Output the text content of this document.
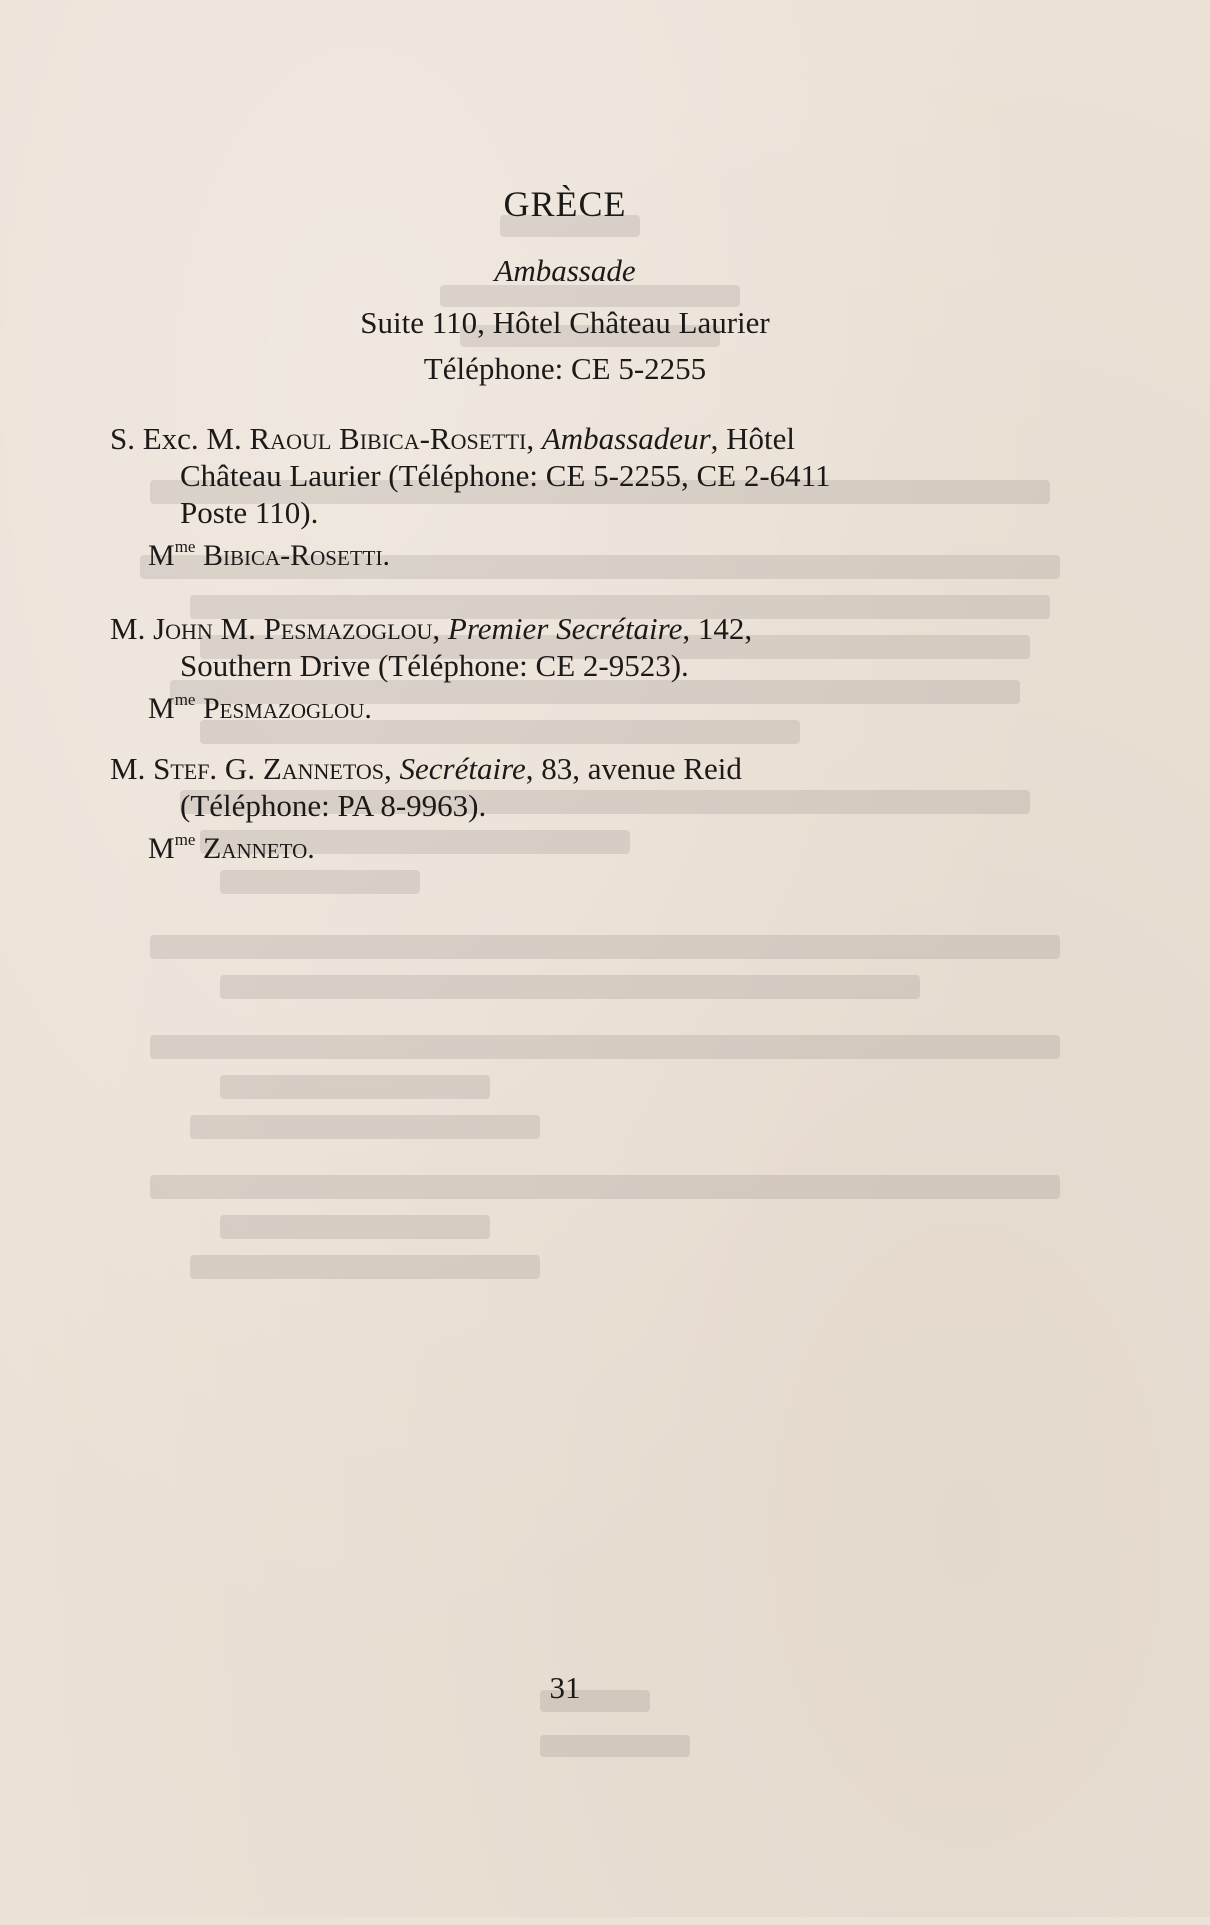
GRÈCE
Ambassade
Suite 110, Hôtel Château Laurier
Téléphone: CE 5-2255
S. Exc. M. Raoul Bibica-Rosetti, Ambassadeur, Hôtel
Château Laurier (Téléphone: CE 5-2255, CE 2-6411
Poste 110).
$M^{me}$ Bibica-Rosetti.
M. John M. Pesmazoglou, Premier Secrétaire, 142,
Southern Drive (Téléphone: CE 2-9523).
$M^{me}$ Pesmazoglou.
M. Stef. G. Zannetos, Secrétaire, 83, avenue Reid
(Téléphone: PA 8-9963).
$M^{me}$ Zanneto.
31
